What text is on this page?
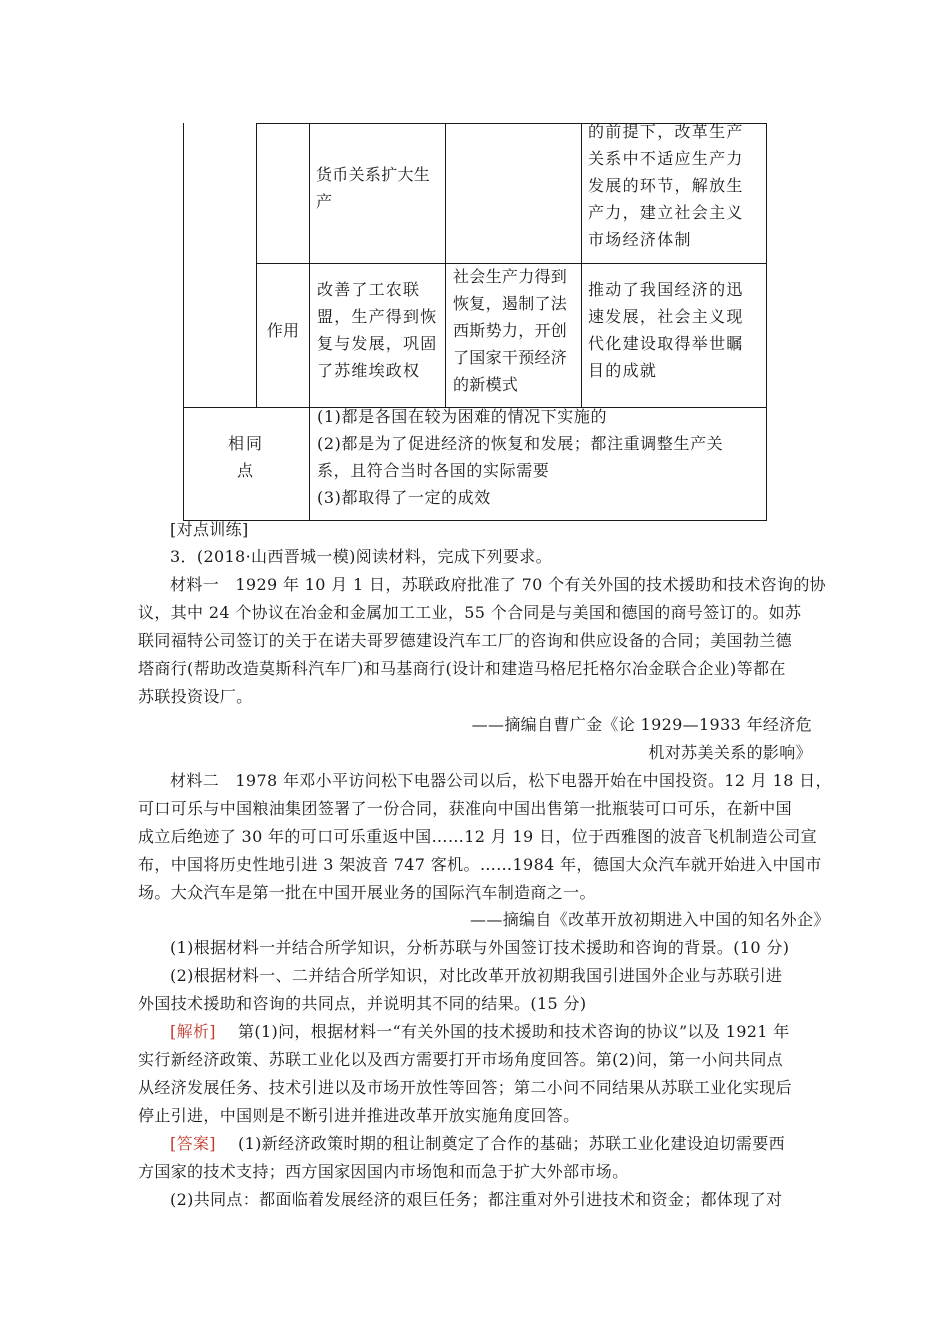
货币关系扩大生
产
的前提下，改革生产
关系中不适应生产力
发展的环节，解放生
产力，建立社会主义
市场经济体制
作用
改善了工农联
盟，生产得到恢
复与发展，巩固
了苏维埃政权
社会生产力得到
恢复，遏制了法
西斯势力，开创
了国家干预经济
的新模式
推动了我国经济的迅
速发展，社会主义现
代化建设取得举世瞩
目的成就
相同
点
(1)都是各国在较为困难的情况下实施的
(2)都是为了促进经济的恢复和发展；都注重调整生产关
系，且符合当时各国的实际需要
(3)都取得了一定的成效
[对点训练]
3．(2018·山西晋城一模)阅读材料，完成下列要求。
材料一　1929 年 10 月 1 日，苏联政府批准了 70 个有关外国的技术援助和技术咨询的协
议，其中 24 个协议在冶金和金属加工工业，55 个合同是与美国和德国的商号签订的。如苏
联同福特公司签订的关于在诺夫哥罗德建设汽车工厂的咨询和供应设备的合同；美国勃兰德
塔商行(帮助改造莫斯科汽车厂)和马基商行(设计和建造马格尼托格尔冶金联合企业)等都在
苏联投资设厂。
——摘编自曹广金《论 1929—1933 年经济危
机对苏美关系的影响》
材料二　1978 年邓小平访问松下电器公司以后，松下电器开始在中国投资。12 月 18 日，
可口可乐与中国粮油集团签署了一份合同，获准向中国出售第一批瓶装可口可乐，在新中国
成立后绝迹了 30 年的可口可乐重返中国……12 月 19 日，位于西雅图的波音飞机制造公司宣
布，中国将历史性地引进 3 架波音 747 客机。……1984 年，德国大众汽车就开始进入中国市
场。大众汽车是第一批在中国开展业务的国际汽车制造商之一。
——摘编自《改革开放初期进入中国的知名外企》
(1)根据材料一并结合所学知识，分析苏联与外国签订技术援助和咨询的背景。(10 分)
(2)根据材料一、二并结合所学知识，对比改革开放初期我国引进国外企业与苏联引进
外国技术援助和咨询的共同点，并说明其不同的结果。(15 分)
[解析] 第(1)问，根据材料一“有关外国的技术援助和技术咨询的协议”以及 1921 年
实行新经济政策、苏联工业化以及西方需要打开市场角度回答。第(2)问，第一小问共同点
从经济发展任务、技术引进以及市场开放性等回答；第二小问不同结果从苏联工业化实现后
停止引进，中国则是不断引进并推进改革开放实施角度回答。
[答案] (1)新经济政策时期的租让制奠定了合作的基础；苏联工业化建设迫切需要西
方国家的技术支持；西方国家因国内市场饱和而急于扩大外部市场。
(2)共同点：都面临着发展经济的艰巨任务；都注重对外引进技术和资金；都体现了对
